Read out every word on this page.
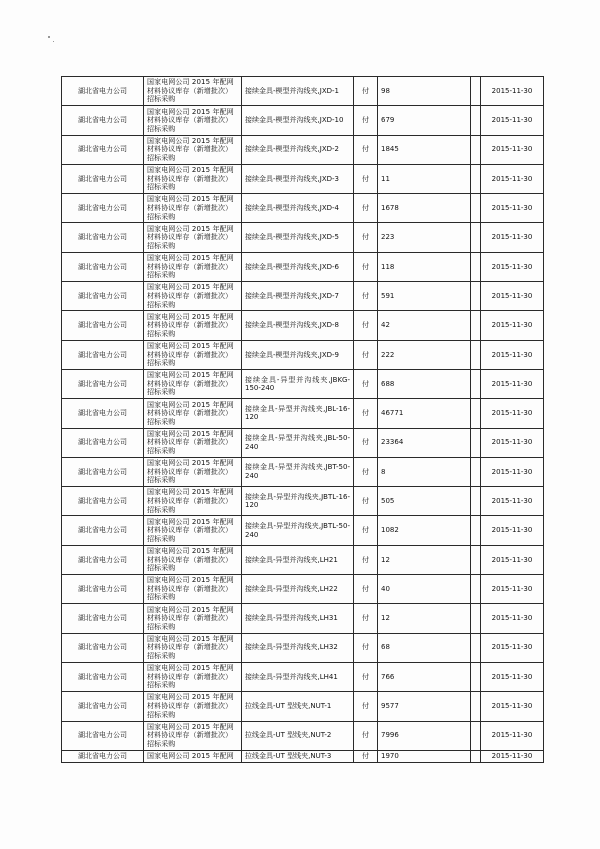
湖北省电力公司	国家电网公司 2015 年配网材料协议库存（新增批次）招标采购	接续金具-楔型并沟线夹,JXD-1	付	98		2015-11-30
湖北省电力公司	国家电网公司 2015 年配网材料协议库存（新增批次）招标采购	接续金具-楔型并沟线夹,JXD-10	付	679		2015-11-30
湖北省电力公司	国家电网公司 2015 年配网材料协议库存（新增批次）招标采购	接续金具-楔型并沟线夹,JXD-2	付	1845		2015-11-30
湖北省电力公司	国家电网公司 2015 年配网材料协议库存（新增批次）招标采购	接续金具-楔型并沟线夹,JXD-3	付	11		2015-11-30
湖北省电力公司	国家电网公司 2015 年配网材料协议库存（新增批次）招标采购	接续金具-楔型并沟线夹,JXD-4	付	1678		2015-11-30
湖北省电力公司	国家电网公司 2015 年配网材料协议库存（新增批次）招标采购	接续金具-楔型并沟线夹,JXD-5	付	223		2015-11-30
湖北省电力公司	国家电网公司 2015 年配网材料协议库存（新增批次）招标采购	接续金具-楔型并沟线夹,JXD-6	付	118		2015-11-30
湖北省电力公司	国家电网公司 2015 年配网材料协议库存（新增批次）招标采购	接续金具-楔型并沟线夹,JXD-7	付	591		2015-11-30
湖北省电力公司	国家电网公司 2015 年配网材料协议库存（新增批次）招标采购	接续金具-楔型并沟线夹,JXD-8	付	42		2015-11-30
湖北省电力公司	国家电网公司 2015 年配网材料协议库存（新增批次）招标采购	接续金具-楔型并沟线夹,JXD-9	付	222		2015-11-30
湖北省电力公司	国家电网公司 2015 年配网材料协议库存（新增批次）招标采购	接续金具-异型并沟线夹,JBKG-150-240	付	688		2015-11-30
湖北省电力公司	国家电网公司 2015 年配网材料协议库存（新增批次）招标采购	接续金具-异型并沟线夹,JBL-16-120	付	46771		2015-11-30
湖北省电力公司	国家电网公司 2015 年配网材料协议库存（新增批次）招标采购	接续金具-异型并沟线夹,JBL-50-240	付	23364		2015-11-30
湖北省电力公司	国家电网公司 2015 年配网材料协议库存（新增批次）招标采购	接续金具-异型并沟线夹,JBT-50-240	付	8		2015-11-30
湖北省电力公司	国家电网公司 2015 年配网材料协议库存（新增批次）招标采购	接续金具-异型并沟线夹,JBTL-16-120	付	505		2015-11-30
湖北省电力公司	国家电网公司 2015 年配网材料协议库存（新增批次）招标采购	接续金具-异型并沟线夹,JBTL-50-240	付	1082		2015-11-30
湖北省电力公司	国家电网公司 2015 年配网材料协议库存（新增批次）招标采购	接续金具-异型并沟线夹,LH21	付	12		2015-11-30
湖北省电力公司	国家电网公司 2015 年配网材料协议库存（新增批次）招标采购	接续金具-异型并沟线夹,LH22	付	40		2015-11-30
湖北省电力公司	国家电网公司 2015 年配网材料协议库存（新增批次）招标采购	接续金具-异型并沟线夹,LH31	付	12		2015-11-30
湖北省电力公司	国家电网公司 2015 年配网材料协议库存（新增批次）招标采购	接续金具-异型并沟线夹,LH32	付	68		2015-11-30
湖北省电力公司	国家电网公司 2015 年配网材料协议库存（新增批次）招标采购	接续金具-异型并沟线夹,LH41	付	766		2015-11-30
湖北省电力公司	国家电网公司 2015 年配网材料协议库存（新增批次）招标采购	拉线金具-UT 型线夹,NUT-1	付	9577		2015-11-30
湖北省电力公司	国家电网公司 2015 年配网材料协议库存（新增批次）招标采购	拉线金具-UT 型线夹,NUT-2	付	7996		2015-11-30
湖北省电力公司	国家电网公司 2015 年配网	拉线金具-UT 型线夹,NUT-3	付	1970		2015-11-30
